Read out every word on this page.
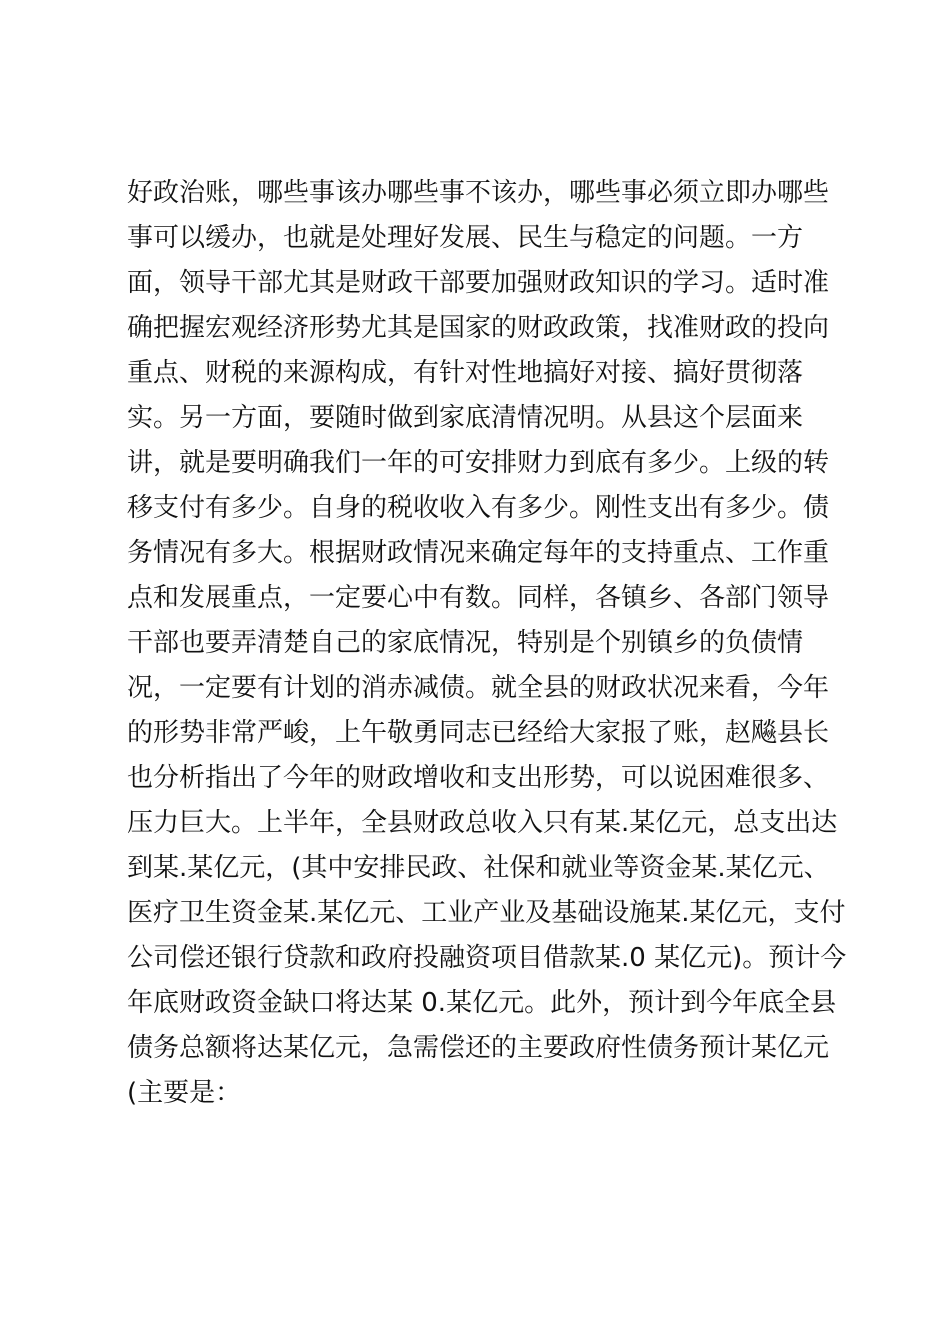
好政治账，哪些事该办哪些事不该办，哪些事必须立即办哪些
事可以缓办，也就是处理好发展、民生与稳定的问题。一方
面，领导干部尤其是财政干部要加强财政知识的学习。适时准
确把握宏观经济形势尤其是国家的财政政策，找准财政的投向
重点、财税的来源构成，有针对性地搞好对接、搞好贯彻落
实。另一方面，要随时做到家底清情况明。从县这个层面来
讲，就是要明确我们一年的可安排财力到底有多少。上级的转
移支付有多少。自身的税收收入有多少。刚性支出有多少。债
务情况有多大。根据财政情况来确定每年的支持重点、工作重
点和发展重点，一定要心中有数。同样，各镇乡、各部门领导
干部也要弄清楚自己的家底情况，特别是个别镇乡的负债情
况，一定要有计划的消赤减债。就全县的财政状况来看，今年
的形势非常严峻，上午敬勇同志已经给大家报了账，赵飚县长
也分析指出了今年的财政增收和支出形势，可以说困难很多、
压力巨大。上半年，全县财政总收入只有某.某亿元，总支出达
到某.某亿元，(其中安排民政、社保和就业等资金某.某亿元、
医疗卫生资金某.某亿元、工业产业及基础设施某.某亿元，支付
公司偿还银行贷款和政府投融资项目借款某.0 某亿元)。预计今
年底财政资金缺口将达某 0.某亿元。此外，预计到今年底全县
债务总额将达某亿元，急需偿还的主要政府性债务预计某亿元
(主要是：
